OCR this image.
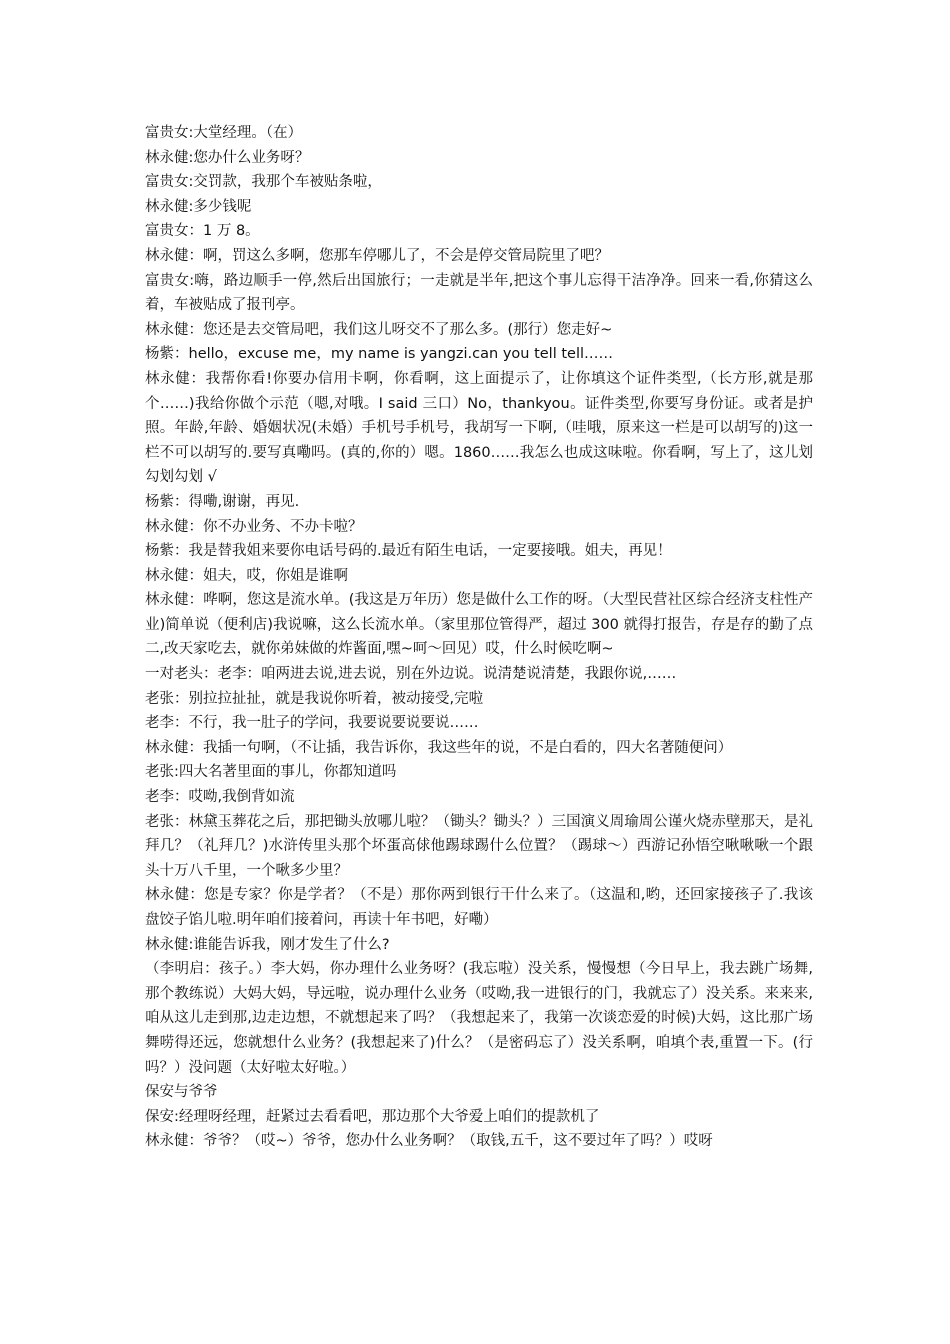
富贵女:大堂经理。（在）

林永健:您办什么业务呀？

富贵女:交罚款，我那个车被贴条啦，

林永健:多少钱呢

富贵女：1 万 8。

林永健：啊，罚这么多啊，您那车停哪儿了，不会是停交管局院里了吧？

富贵女:嗨，路边顺手一停,然后出国旅行；一走就是半年,把这个事儿忘得干洁净净。回来一看,你猜这么着，车被贴成了报刊亭。

林永健：您还是去交管局吧，我们这儿呀交不了那么多。(那行）您走好~

杨紫：hello，excuse me，my name is yangzi.can you tell tell……

林永健：我帮你看!你要办信用卡啊，你看啊，这上面提示了，让你填这个证件类型,（长方形,就是那个……)我给你做个示范（嗯,对哦。I said 三口）No，thankyou。证件类型,你要写身份证。或者是护照。年龄,年龄、婚姻状况(未婚）手机号手机号，我胡写一下啊,（哇哦，原来这一栏是可以胡写的)这一栏不可以胡写的.要写真嘞吗。(真的,你的）嗯。1860……我怎么也成这味啦。你看啊，写上了，这儿划勾划勾划 √

杨紫：得嘞,谢谢，再见.

林永健：你不办业务、不办卡啦？

杨紫：我是替我姐来要你电话号码的.最近有陌生电话，一定要接哦。姐夫，再见！

林永健：姐夫，哎，你姐是谁啊

林永健：哗啊，您这是流水单。(我这是万年历）您是做什么工作的呀。（大型民营社区综合经济支柱性产业)简单说（便利店)我说嘛，这么长流水单。（家里那位管得严，超过 300 就得打报告，存是存的勤了点二,改天家吃去，就你弟妹做的炸酱面,嘿~呵～回见）哎，什么时候吃啊~

一对老头：老李：咱两进去说,进去说，别在外边说。说清楚说清楚，我跟你说,……

老张：别拉拉扯扯，就是我说你听着，被动接受,完啦

老李：不行，我一肚子的学问，我要说要说要说……

林永健：我插一句啊，（不让插，我告诉你，我这些年的说，不是白看的，四大名著随便问）

老张:四大名著里面的事儿，你都知道吗

老李：哎呦,我倒背如流

老张：林黛玉葬花之后，那把锄头放哪儿啦？（锄头？锄头？）三国演义周瑜周公谨火烧赤壁那天，是礼拜几？（礼拜几？)水浒传里头那个坏蛋高俅他踢球踢什么位置？（踢球～）西游记孙悟空啾啾啾一个跟头十万八千里，一个啾多少里？

林永健：您是专家？你是学者？（不是）那你两到银行干什么来了。（这温和,哟，还回家接孩子了.我该盘饺子馅儿啦.明年咱们接着问，再读十年书吧，好嘞）

林永健:谁能告诉我，刚才发生了什么?

（李明启：孩子。）李大妈，你办理什么业务呀？(我忘啦）没关系，慢慢想（今日早上，我去跳广场舞,那个教练说）大妈大妈，导远啦，说办理什么业务（哎呦,我一进银行的门，我就忘了）没关系。来来来,咱从这儿走到那,边走边想，不就想起来了吗？（我想起来了，我第一次谈恋爱的时候)大妈，这比那广场舞唠得还远，您就想什么业务？(我想起来了)什么？（是密码忘了）没关系啊，咱填个表,重置一下。(行吗？）没问题（太好啦太好啦。）

保安与爷爷

保安:经理呀经理，赶紧过去看看吧，那边那个大爷爱上咱们的提款机了

林永健：爷爷？（哎~）爷爷，您办什么业务啊？（取钱,五千，这不要过年了吗？）哎呀
